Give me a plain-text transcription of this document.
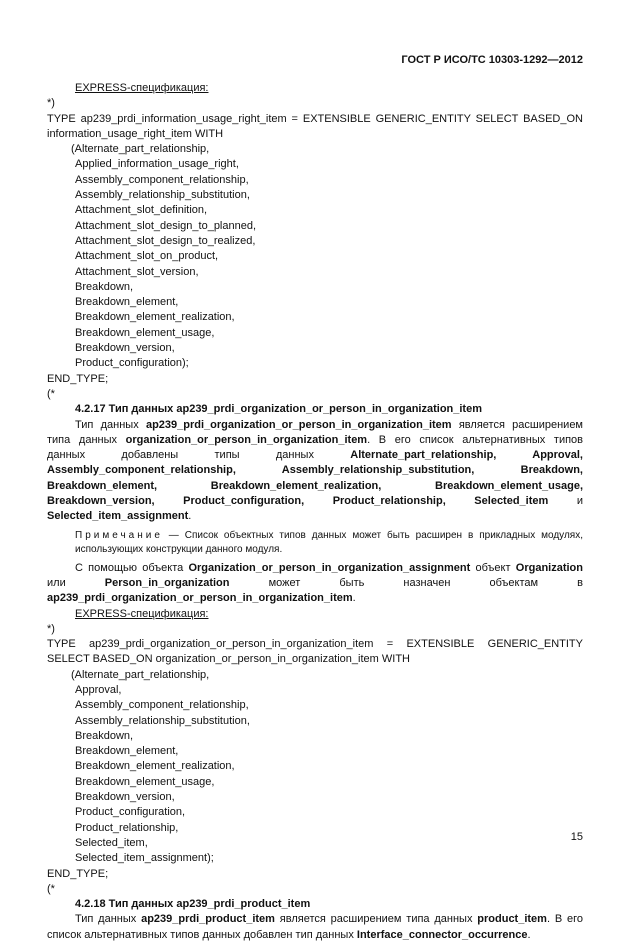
ГОСТ Р ИСО/ТС 10303-1292—2012

EXPRESS-спецификация:

*)

TYPE ap239_prdi_information_usage_right_item = EXTENSIBLE GENERIC_ENTITY SELECT BASED_ON information_usage_right_item WITH

(Alternate_part_relationship,

Applied_information_usage_right,

Assembly_component_relationship,

Assembly_relationship_substitution,

Attachment_slot_definition,

Attachment_slot_design_to_planned,

Attachment_slot_design_to_realized,

Attachment_slot_on_product,

Attachment_slot_version,

Breakdown,

Breakdown_element,

Breakdown_element_realization,

Breakdown_element_usage,

Breakdown_version,

Product_configuration);

END_TYPE;

(*

4.2.17 Тип данных ap239_prdi_organization_or_person_in_organization_item

Тип данных ap239_prdi_organization_or_person_in_organization_item является расширением типа данных organization_or_person_in_organization_item. В его список альтернативных типов данных добавлены типы данных Alternate_part_relationship, Approval, Assembly_component_relationship, Assembly_relationship_substitution, Breakdown, Breakdown_element, Breakdown_element_realization, Breakdown_element_usage, Breakdown_version, Product_configuration, Product_relationship, Selected_item и Selected_item_assignment.

Примечание — Список объектных типов данных может быть расширен в прикладных модулях, использующих конструкции данного модуля.

С помощью объекта Organization_or_person_in_organization_assignment объект Organization или Person_in_organization может быть назначен объектам в ap239_prdi_organization_or_person_in_organization_item.

EXPRESS-спецификация:

*)

TYPE ap239_prdi_organization_or_person_in_organization_item = EXTENSIBLE GENERIC_ENTITY SELECT BASED_ON organization_or_person_in_organization_item WITH

(Alternate_part_relationship,

Approval,

Assembly_component_relationship,

Assembly_relationship_substitution,

Breakdown,

Breakdown_element,

Breakdown_element_realization,

Breakdown_element_usage,

Breakdown_version,

Product_configuration,

Product_relationship,

Selected_item,

Selected_item_assignment);

END_TYPE;

(*

4.2.18 Тип данных ap239_prdi_product_item

Тип данных ap239_prdi_product_item является расширением типа данных product_item. В его список альтернативных типов данных добавлен тип данных Interface_connector_occurrence.

15
